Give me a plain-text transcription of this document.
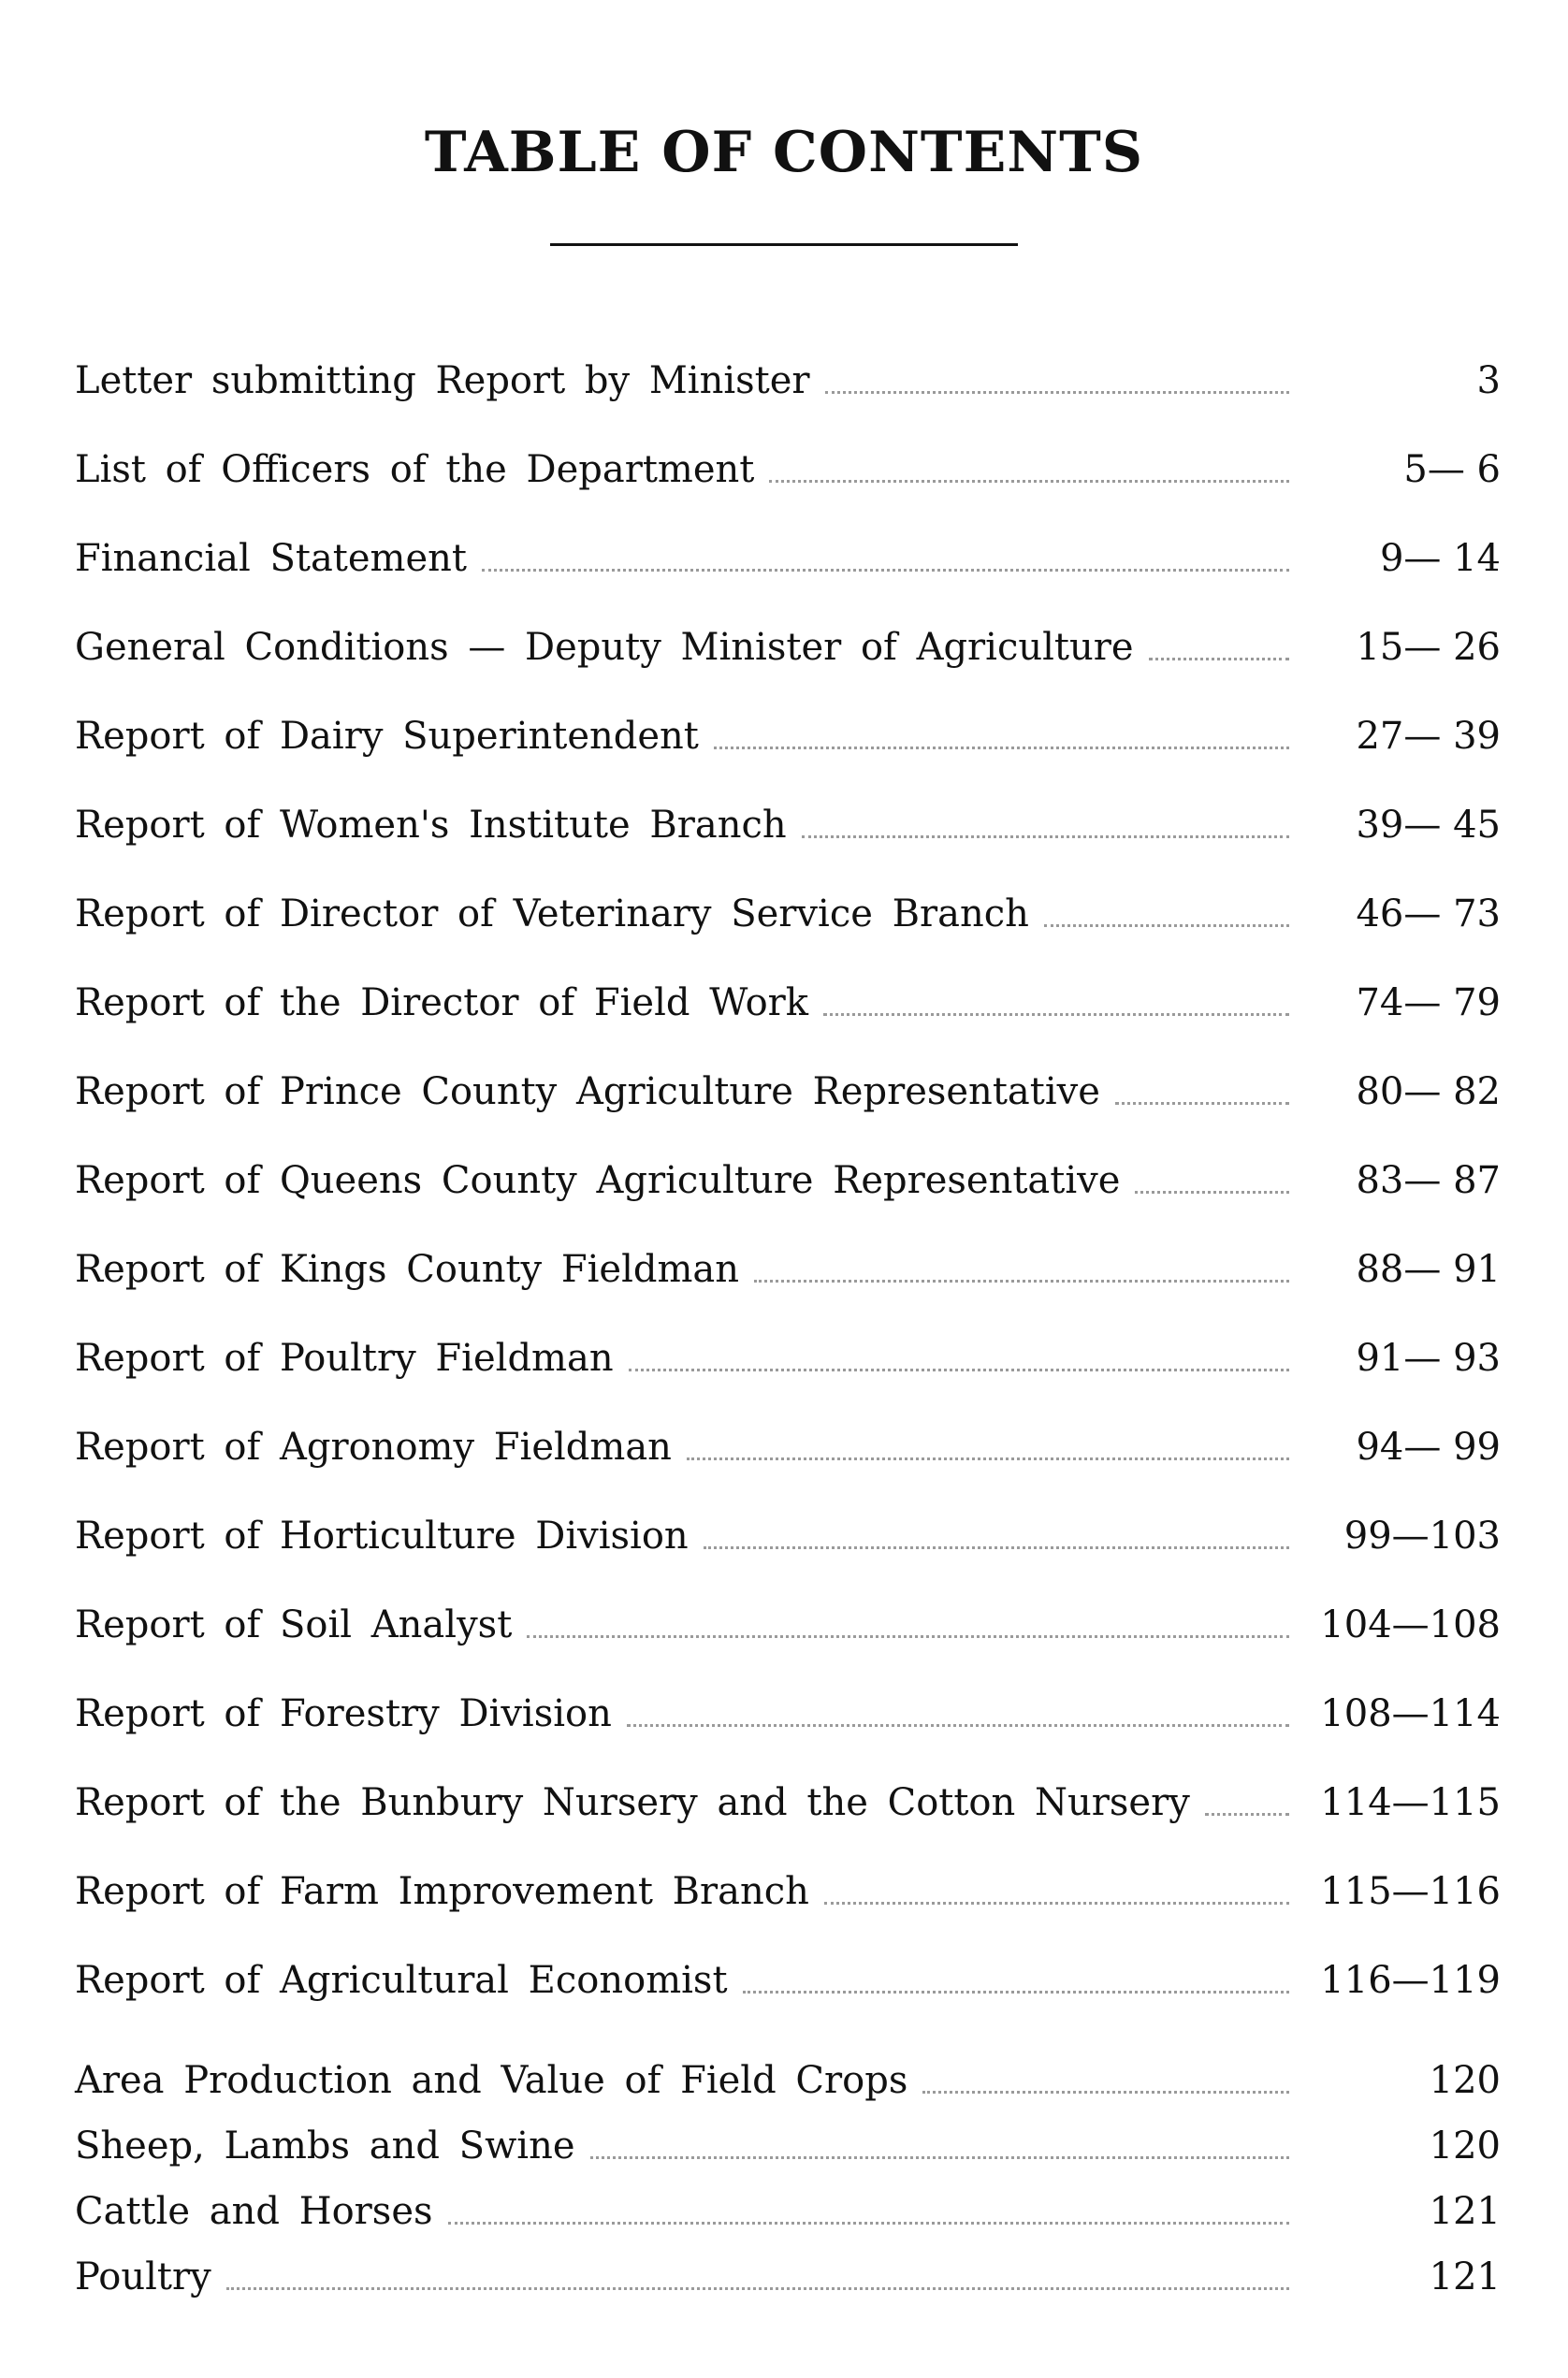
TABLE OF CONTENTS
Letter submitting Report by Minister	3
List of Officers of the Department	5— 6
Financial Statement	9— 14
General Conditions — Deputy Minister of Agriculture	15— 26
Report of Dairy Superintendent	27— 39
Report of Women's Institute Branch	39— 45
Report of Director of Veterinary Service Branch	46— 73
Report of the Director of Field Work	74— 79
Report of Prince County Agriculture Representative	80— 82
Report of Queens County Agriculture Representative	83— 87
Report of Kings County Fieldman	88— 91
Report of Poultry Fieldman	91— 93
Report of Agronomy Fieldman	94— 99
Report of Horticulture Division	99—103
Report of Soil Analyst	104—108
Report of Forestry Division	108—114
Report of the Bunbury Nursery and the Cotton Nursery	114—115
Report of Farm Improvement Branch	115—116
Report of Agricultural Economist	116—119
Area Production and Value of Field Crops	120
Sheep, Lambs and Swine	120
Cattle and Horses	121
Poultry	121
